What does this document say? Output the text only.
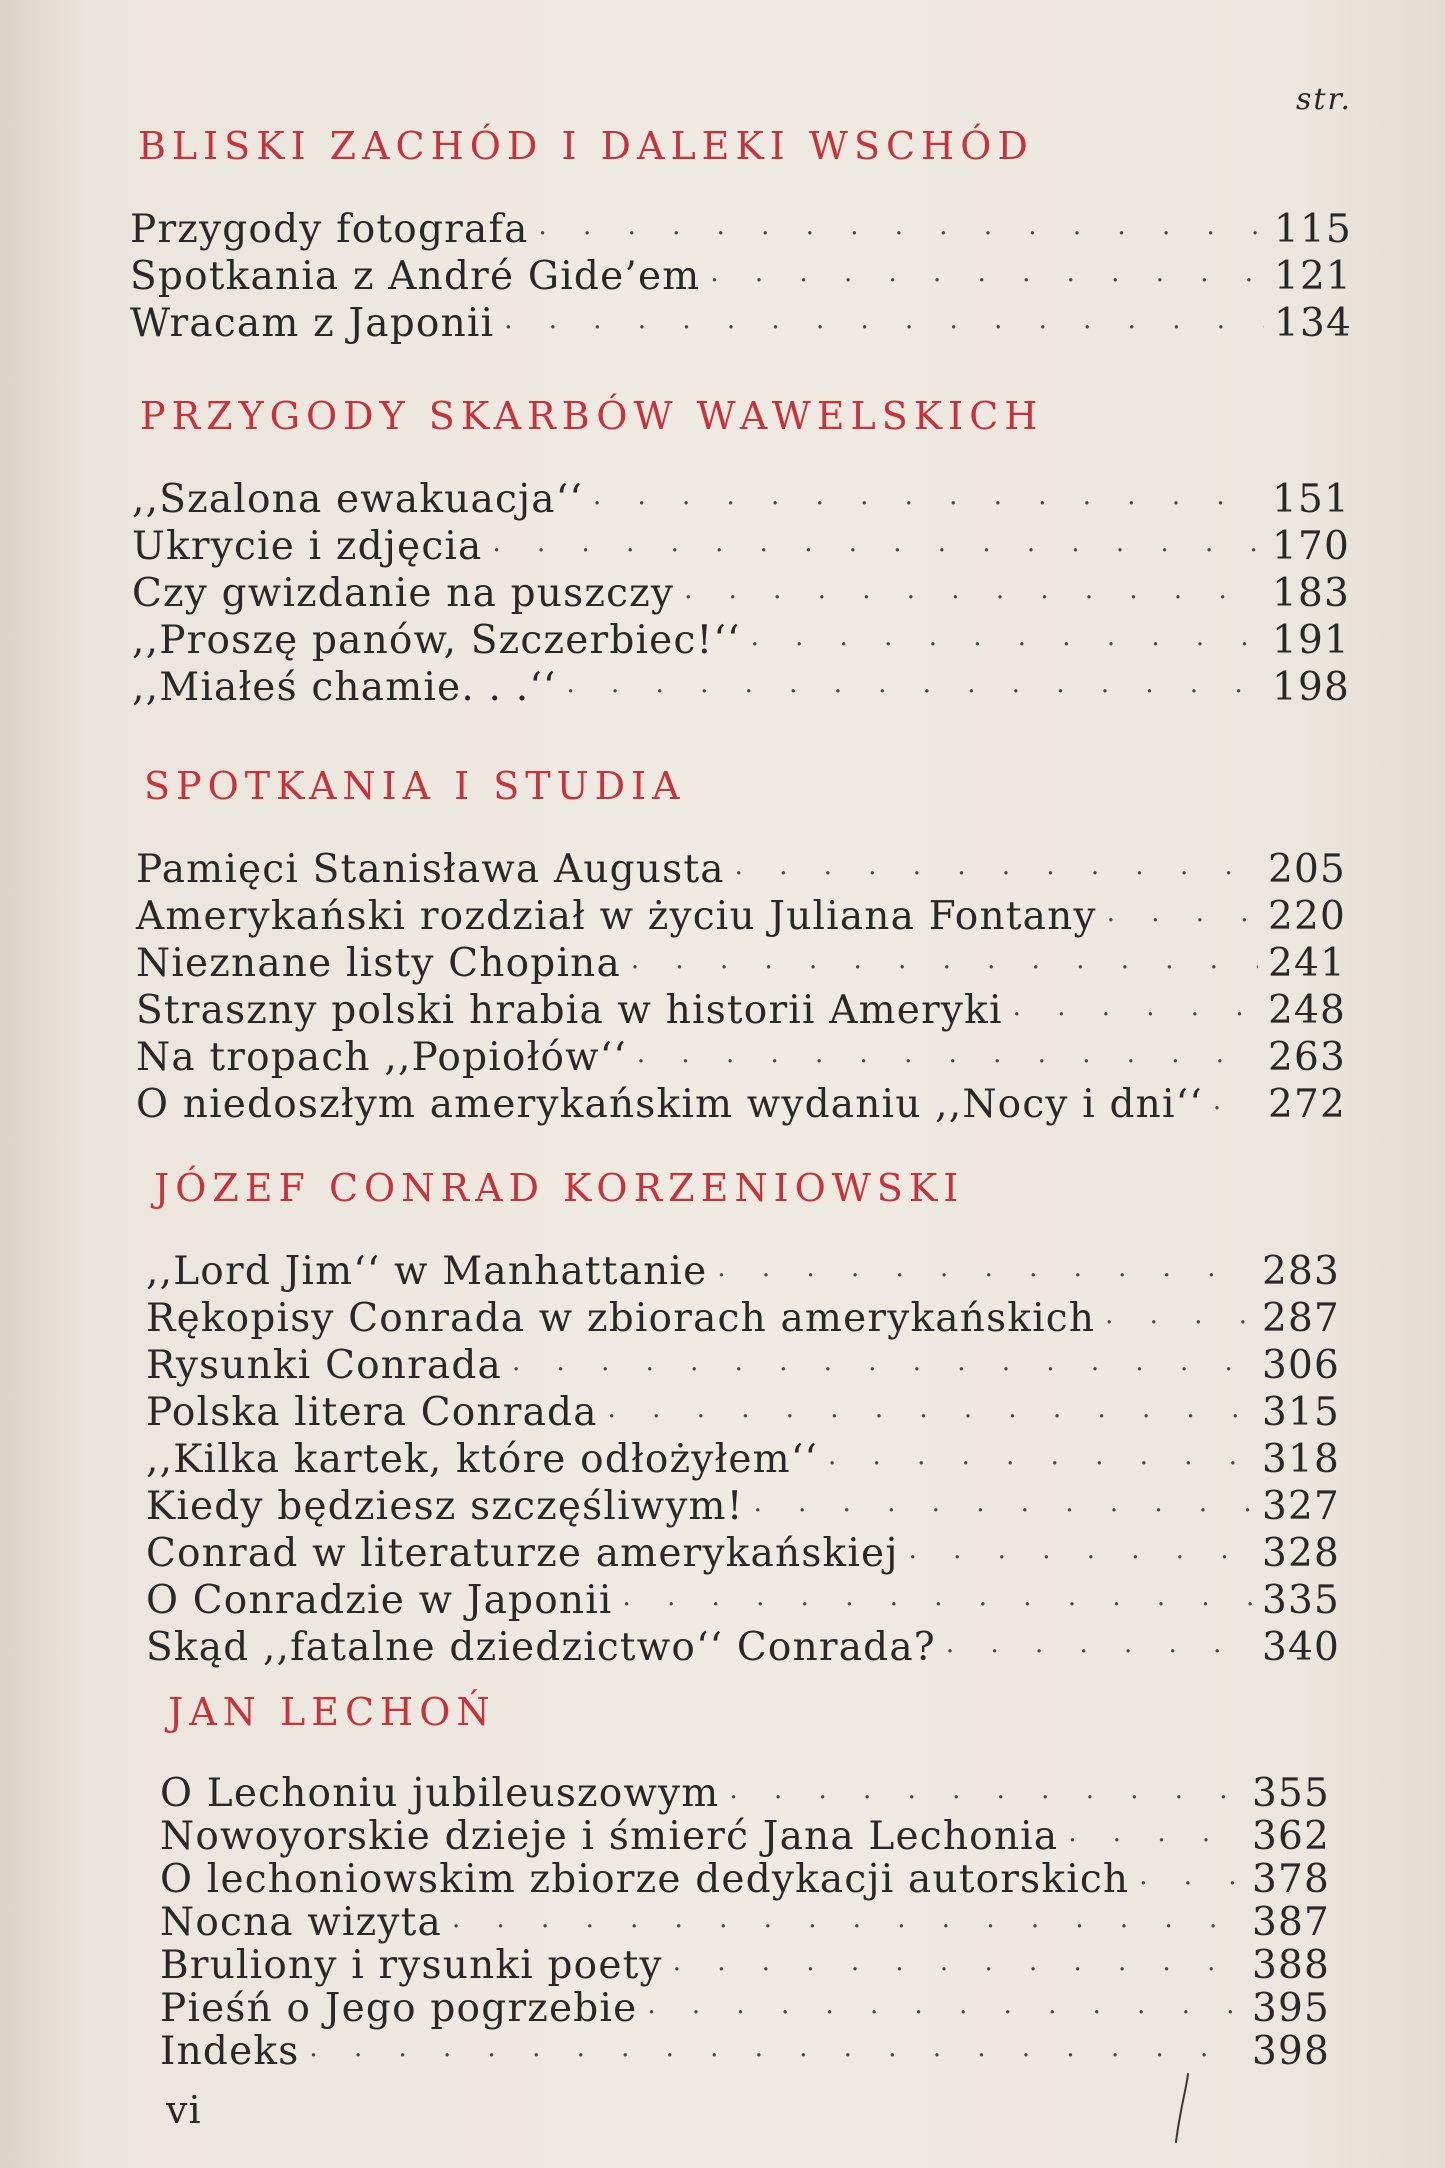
str.
BLISKI ZACHÓD I DALEKI WSCHÓD
Przygody fotografa · · ·	115
Spotkania z André Gide’em · · ·	121
Wracam z Japonii · · ·	134
PRZYGODY SKARBÓW WAWELSKICH
,,Szalona ewakuacja‘‘ · · ·	151
Ukrycie i zdjęcia · · ·	170
Czy gwizdanie na puszczy · · ·	183
,,Proszę panów, Szczerbiec!‘‘ · · ·	191
,,Miałeś chamie. . .‘‘ · · ·	198
SPOTKANIA I STUDIA
Pamięci Stanisława Augusta · · ·	205
Amerykański rozdział w życiu Juliana Fontany · · ·	220
Nieznane listy Chopina · · ·	241
Straszny polski hrabia w historii Ameryki · · ·	248
Na tropach ,,Popiołów‘‘ · · ·	263
O niedoszłym amerykańskim wydaniu ,,Nocy i dni‘‘ · · · 272
JÓZEF CONRAD KORZENIOWSKI
,,Lord Jim‘‘ w Manhattanie · · ·	283
Rękopisy Conrada w zbiorach amerykańskich · · ·	287
Rysunki Conrada · · ·	306
Polska litera Conrada · · ·	315
,,Kilka kartek, które odłożyłem‘‘ · · ·	318
Kiedy będziesz szczęśliwym! · · ·	327
Conrad w literaturze amerykańskiej · · ·	328
O Conradzie w Japonii · · ·	335
Skąd ,,fatalne dziedzictwo‘‘ Conrada? · · ·	340
JAN LECHOŃ
O Lechoniu jubileuszowym · · ·	355
Nowoyorskie dzieje i śmierć Jana Lechonia · · ·	362
O lechoniowskim zbiorze dedykacji autorskich · · ·	378
Nocna wizyta · · ·	387
Bruliony i rysunki poety · · ·	388
Pieśń o Jego pogrzebie · · ·	395
Indeks · · ·	398
vi
